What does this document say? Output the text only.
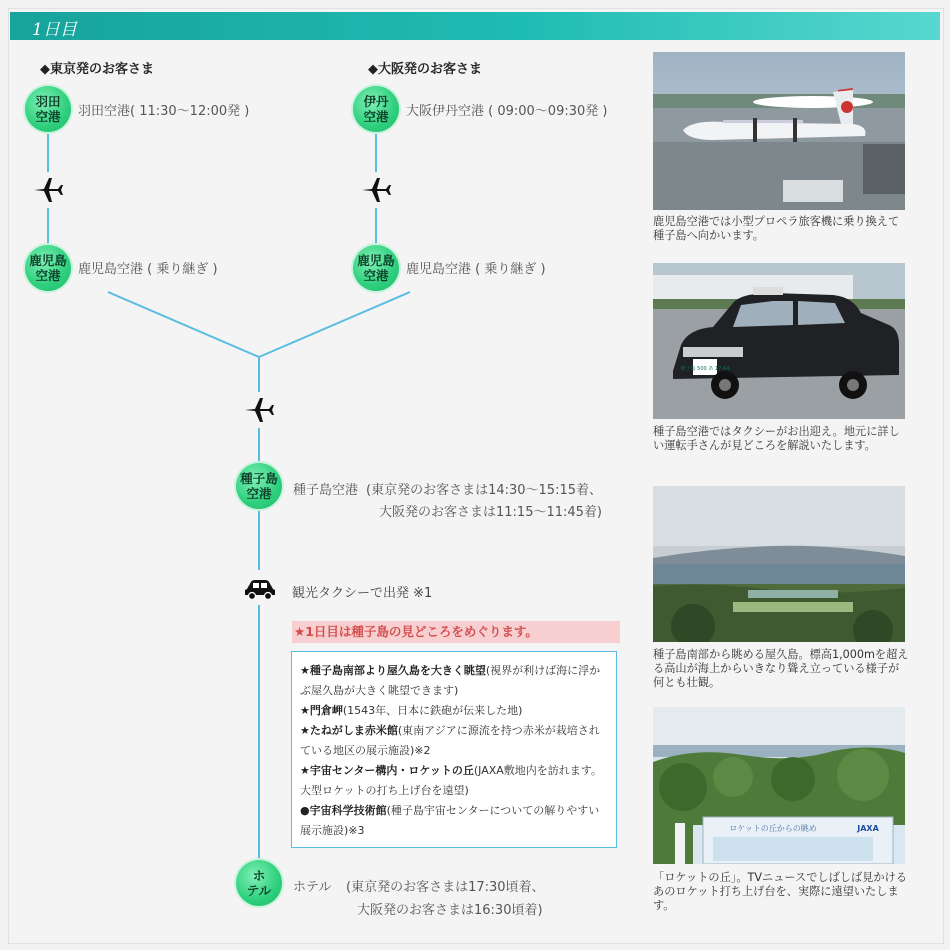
1日目
◆東京発のお客さま	◆大阪発のお客さま
羽田
空港 羽田空港( 11:30〜12:00発 )
伊丹
空港 大阪伊丹空港 ( 09:00〜09:30発 )
鹿児島
空港	鹿児島空港 ( 乗り継ぎ )
鹿児島
空港	鹿児島空港 ( 乗り継ぎ )
種子島
空港	種子島空港 (東京発のお客さまは14:30〜15:15着、
大阪発のお客さまは11:15〜11:45着)
観光タクシーで出発 ※1
★1日目は種子島の見どころをめぐります。

★種子島南部より屋久島を大きく眺望(視界が利けば海に浮かぶ屋久島が大きく眺望できます)

★門倉岬(1543年、日本に鉄砲が伝来した地)

★たねがしま赤米館(東南アジアに源流を持つ赤米が栽培されている地区の展示施設)※2

★宇宙センター構内・ロケットの丘(JAXA敷地内を訪れます。大型ロケットの打ち上げ台を遠望)

●宇宙科学技術館(種子島宇宙センターについての解りやすい展示施設)※3

ホ
テル ホテル (東京発のお客さまは17:30頃着、
大阪発のお客さまは16:30頃着)
鹿児島空港では小型プロペラ旅客機に乗り換えて種子島へ向かいます。
種子島 500 あ 17-64
種子島空港ではタクシーがお出迎え。地元に詳しい運転手さんが見どころを解説いたします。
種子島南部から眺める屋久島。標高1,000mを超える高山が海上からいきなり聳え立っている様子が何とも壮観。
ロケットの丘からの眺め	JAXA
「ロケットの丘」。TVニュースでしばしば見かけるあのロケット打ち上げ台を、実際に遠望いたします。
